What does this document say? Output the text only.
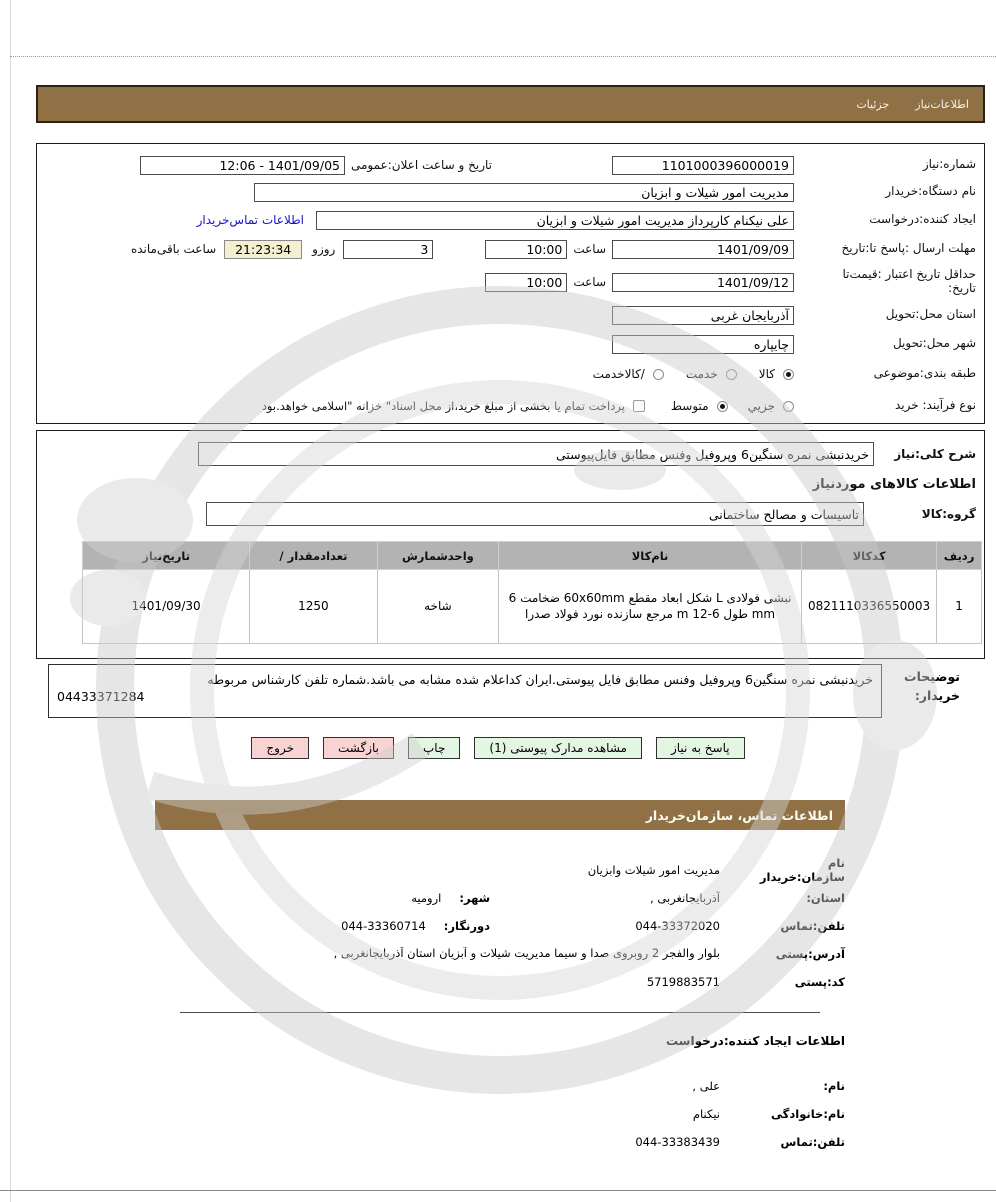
اطلاعات‌نیاز
جزئیات
شماره:نیاز
1101000396000019
تاریخ و ساعت اعلان:عمومی
12:06 - 1401/09/05
نام دستگاه:خریدار
مدیریت امور شیلات و ابزیان
ایجاد کننده:درخواست
علی نیکنام کارپرداز مدیریت امور شیلات و ابزیان
اطلاعات تماس‌خریدار
مهلت ارسال :پاسخ تا:تاریخ
1401/09/09
ساعت
10:00
3
روزو
21:23:34
ساعت باقی‌مانده
حداقل تاریخ اعتبار :قیمت‌تا
تاریخ:
1401/09/12
ساعت
10:00
استان محل:تحویل
آذربایجان غربی
شهر محل:تحویل
چایپاره
طبقه بندی:موضوعی
کالا
خدمت
/کالاخدمت
نوع فرآیند: خرید
جزيي
متوسط
پرداخت تمام یا بخشی از مبلغ خرید،از محل اسناد" خزانه "اسلامی خواهد.بود
شرح کلی:نیاز
خریدنبشی نمره سنگین6 وپروفیل وفنس مطابق فایل‌پیوستی
اطلاعات کالاهای موردنیاز
گروه:کالا
تاسیسات و مصالح ساختمانی
ردیف	کدکالا	نام‌کالا	واحدشمارش	/ تعدادمقدار	تاریخ‌نیاز
1	0821110336550003	نبشی فولادی L شکل ابعاد مقطع 60x60mm ضخامت 6 mm طول 6-12 m مرجع سازنده نورد فولاد صدرا	شاخه	1250	1401/09/30
توضیحات
خریدار:
خریدنبشی نمره سنگین6 وپروفیل وفنس مطابق فایل پیوستی.ایران کداعلام شده مشابه می باشد.شماره تلفن کارشناس مربوطه
04433371284
پاسخ به نیاز
مشاهده مدارک پیوستی (1)
چاپ
بازگشت
خروج
اطلاعات تماس، سازمان‌خریدار
نام سازمان:خریدار
مدیریت امور شیلات وابزیان
استان:
آذربایجانغربی ,
شهر:
ارومیه
تلفن:تماس
044-33372020
دورنگار:
044-33360714
آدرس:پستی
بلوار والفجر 2 روبروی صدا و سیما مدیریت شیلات و آبزیان استان آذربایجانغربی ,
کد:پستی
5719883571
اطلاعات ایجاد کننده:درخواست
نام:
علی ,
نام:خانوادگی
نیکنام
تلفن:تماس
044-33383439
